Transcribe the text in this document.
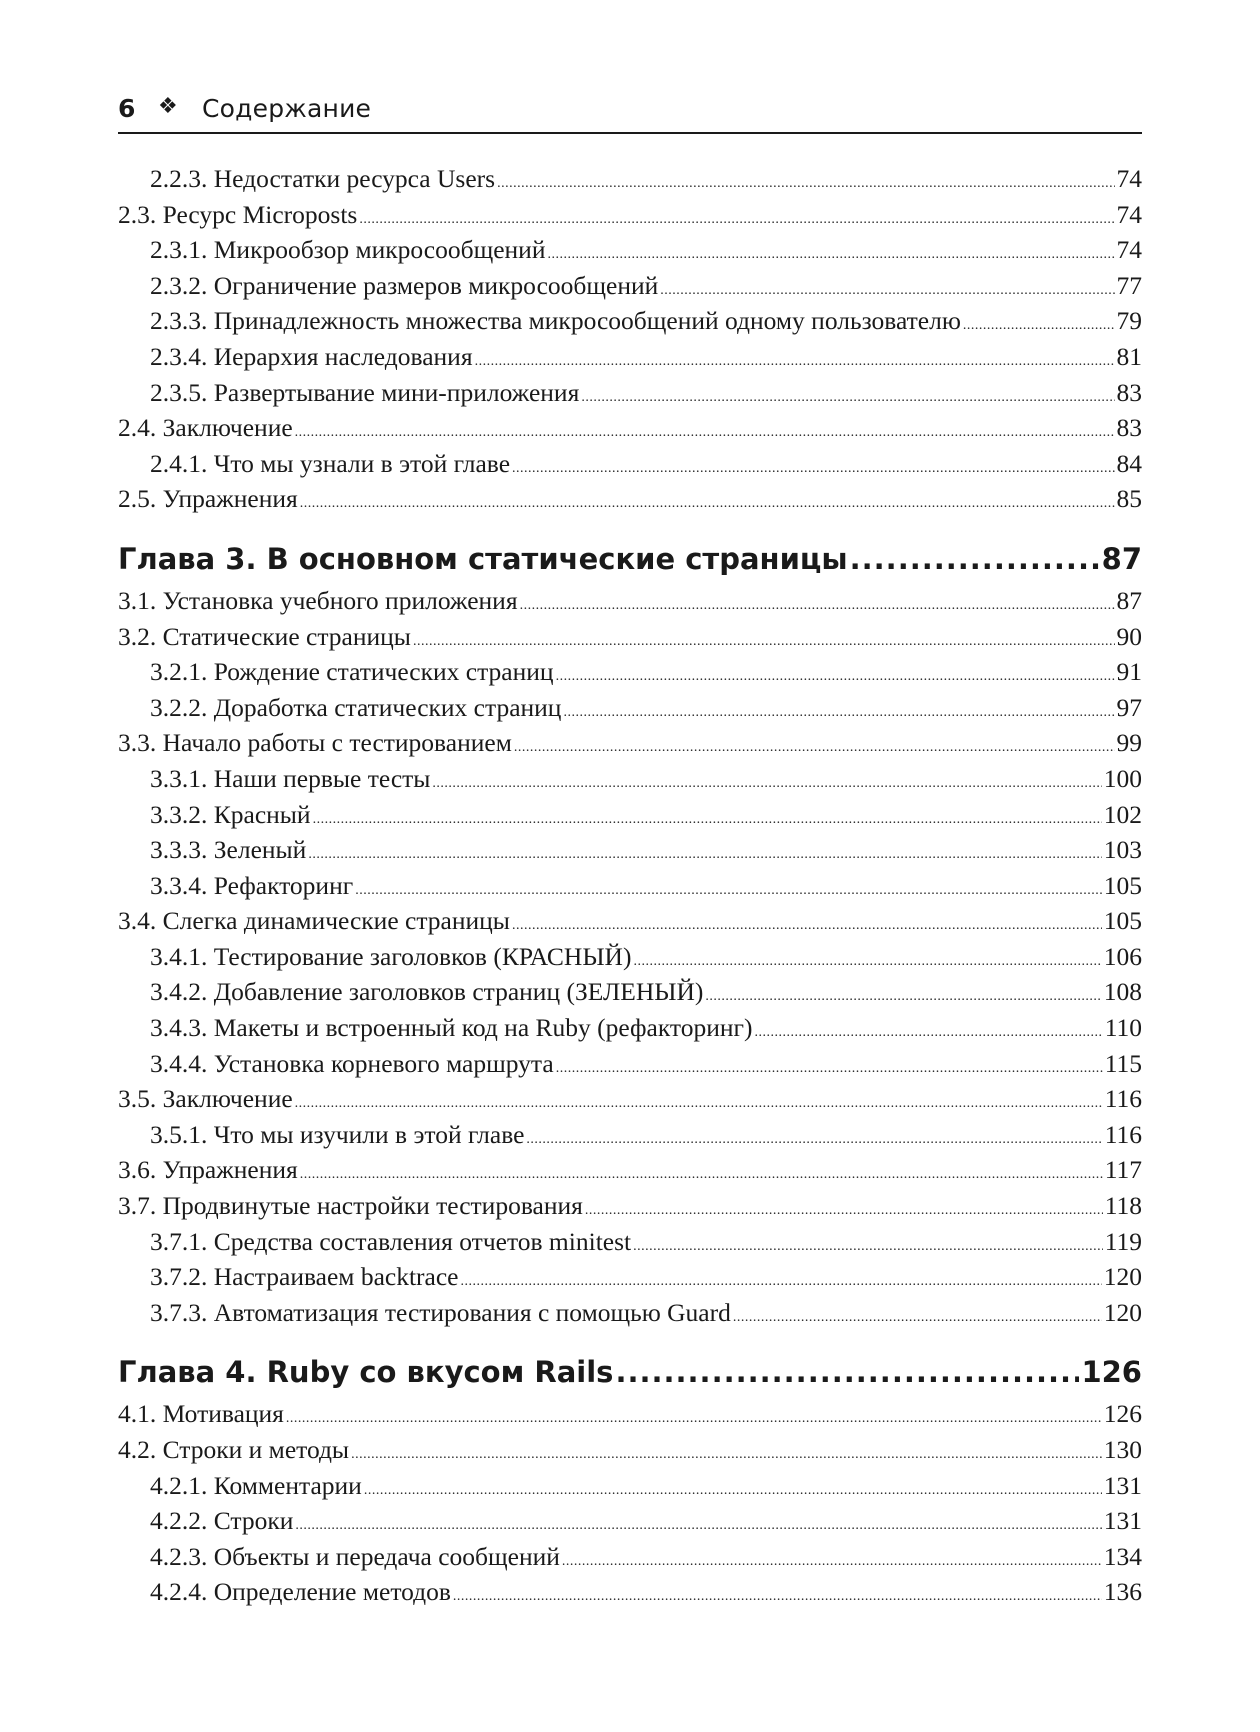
6	❖ Содержание
2.2.3. Недостатки ресурса Users .....	74
2.3. Ресурс Microposts .....	74
2.3.1. Микрообзор микросообщений .....	74
2.3.2. Ограничение размеров микросообщений .....	77
2.3.3. Принадлежность множества микросообщений одному пользователю .....	79
2.3.4. Иерархия наследования .....	81
2.3.5. Развертывание мини-приложения .....	83
2.4. Заключение .....	83
2.4.1. Что мы узнали в этой главе .....	84
2.5. Упражнения .....	85
Глава 3. В основном статические страницы .....	87
3.1. Установка учебного приложения .....	87
3.2. Статические страницы .....	90
3.2.1. Рождение статических страниц .....	91
3.2.2. Доработка статических страниц .....	97
3.3. Начало работы с тестированием .....	99
3.3.1. Наши первые тесты .....	100
3.3.2. Красный .....	102
3.3.3. Зеленый .....	103
3.3.4. Рефакторинг .....	105
3.4. Слегка динамические страницы .....	105
3.4.1. Тестирование заголовков (КРАСНЫЙ) .....	106
3.4.2. Добавление заголовков страниц (ЗЕЛЕНЫЙ) .....	108
3.4.3. Макеты и встроенный код на Ruby (рефакторинг) .....	110
3.4.4. Установка корневого маршрута .....	115
3.5. Заключение .....	116
3.5.1. Что мы изучили в этой главе .....	116
3.6. Упражнения .....	117
3.7. Продвинутые настройки тестирования .....	118
3.7.1. Средства составления отчетов minitest .....	119
3.7.2. Настраиваем backtrace .....	120
3.7.3. Автоматизация тестирования с помощью Guard .....	120
Глава 4. Ruby со вкусом Rails .....	126
4.1. Мотивация .....	126
4.2. Строки и методы .....	130
4.2.1. Комментарии .....	131
4.2.2. Строки .....	131
4.2.3. Объекты и передача сообщений .....	134
4.2.4. Определение методов .....	136
